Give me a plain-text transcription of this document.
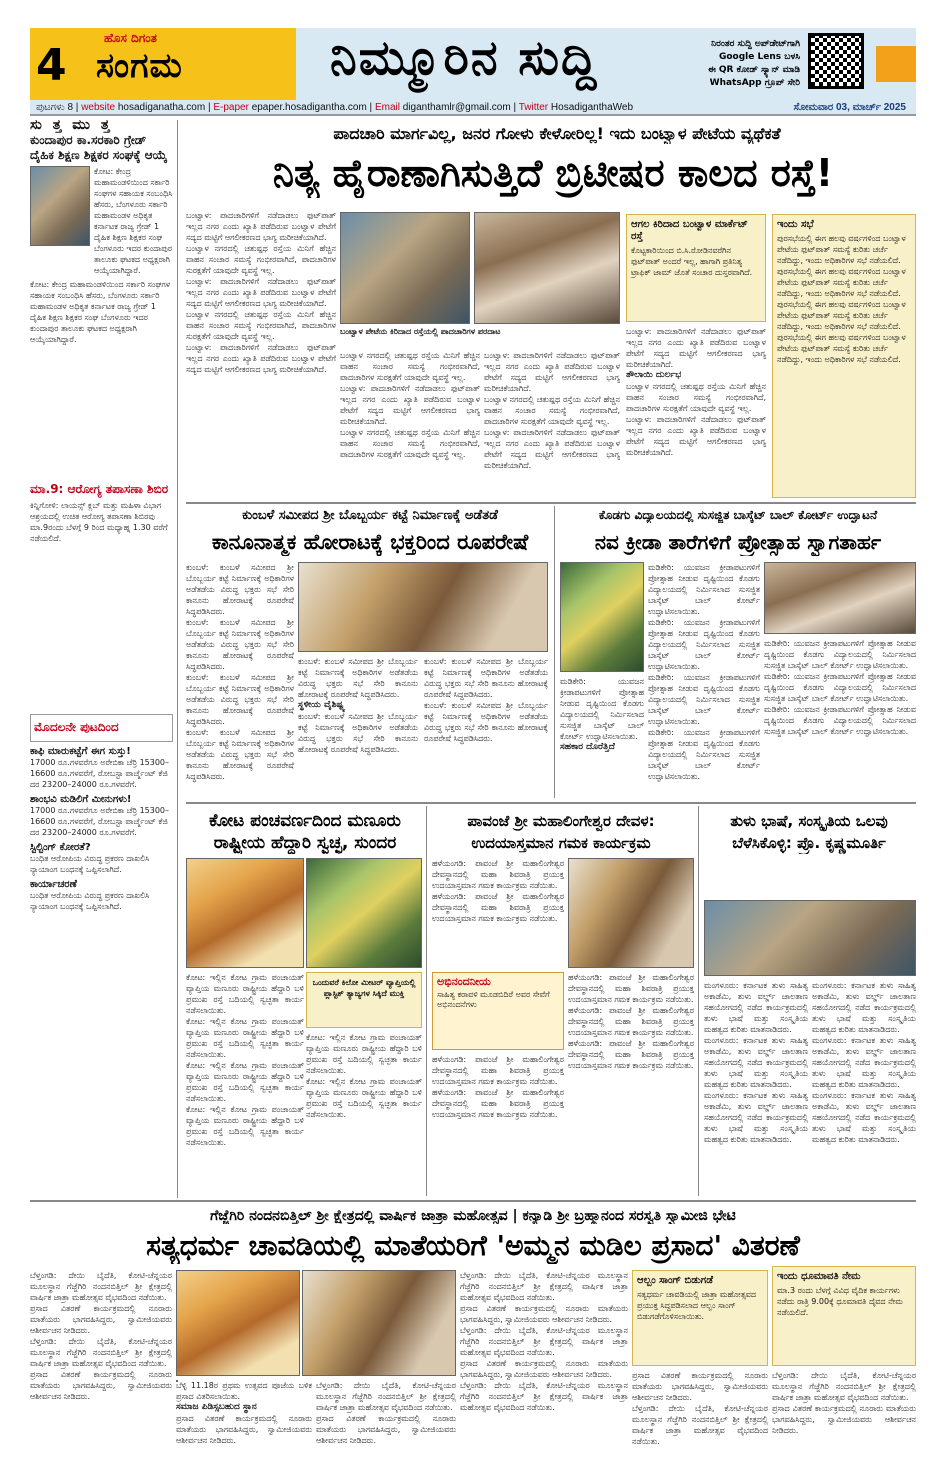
4
ಹೊಸ ದಿಗಂತ
ಸಂಗಮ	ನಿಮ್ಮೂರಿನ ಸುದ್ದಿ	ನಿರಂತರ ಸುದ್ದಿ ಅಪ್‌ಡೇಟ್‌ಗಾಗಿ
Google Lens ಬಳಸಿ
ಈ QR ಕೋಡ್ ಸ್ಕ್ಯಾನ್ ಮಾಡಿ
WhatsApp ಗ್ರೂಪ್ ಸೇರಿ
ಪುಟಗಳು 8 | website hosadiganatha.com | E-paper epaper.hosadigantha.com | Email diganthamlr@gmail.com | Twitter HosadiganthaWeb	ಸೋಮವಾರ 03, ಮಾರ್ಚ್ 2025
ಸು ತ್ತ ಮು ತ್ತ
ಕುಂದಾಪುರ ಕಾ.ಸರಕಾರಿ ಗ್ರೇಡ್ ದೈಹಿಕ ಶಿಕ್ಷಣ ಶಿಕ್ಷಕರ ಸಂಘಕ್ಕೆ ಆಯ್ಕೆ

ಕೋಟ: ಕೇಂದ್ರ ಮಹಾಮಂಡಳಿಯಿಂದ ಸರ್ಕಾರಿ ಸಂಘಗಳ ಸಹಾಯಕ ಸಂಬಂಧಿಸಿ ಹೆಸರು, ಬೆಂಗಳೂರು ಸರ್ಕಾರಿ ಮಹಾಮಂಡಳ ಅಧಿಕೃತ ಕರ್ನಾಟಕ ರಾಜ್ಯ ಗ್ರೇಡ್ 1 ದೈಹಿಕ ಶಿಕ್ಷಣ ಶಿಕ್ಷಕರ ಸಂಘ ಬೆಂಗಳೂರು ಇದರ ಕುಂದಾಪುರ ತಾಲೂಕು ಘಟಕದ ಅಧ್ಯಕ್ಷರಾಗಿ ಆಯ್ಕೆಯಾಗಿದ್ದಾರೆ.

ಕೋಟ: ಕೇಂದ್ರ ಮಹಾಮಂಡಳಿಯಿಂದ ಸರ್ಕಾರಿ ಸಂಘಗಳ ಸಹಾಯಕ ಸಂಬಂಧಿಸಿ ಹೆಸರು, ಬೆಂಗಳೂರು ಸರ್ಕಾರಿ ಮಹಾಮಂಡಳ ಅಧಿಕೃತ ಕರ್ನಾಟಕ ರಾಜ್ಯ ಗ್ರೇಡ್ 1 ದೈಹಿಕ ಶಿಕ್ಷಣ ಶಿಕ್ಷಕರ ಸಂಘ ಬೆಂಗಳೂರು ಇದರ ಕುಂದಾಪುರ ತಾಲೂಕು ಘಟಕದ ಅಧ್ಯಕ್ಷರಾಗಿ ಆಯ್ಕೆಯಾಗಿದ್ದಾರೆ.

ಮಾ.9: ಆರೋಗ್ಯ ತಪಾಸಣಾ ಶಿಬಿರ

ಕಿನ್ನಿಗೋಳಿ: ಲಾಯನ್ಸ್ ಕ್ಲಬ್ ಮತ್ತು ಮಹಿಳಾ ವಿಭಾಗ ಆಶ್ರಯದಲ್ಲಿ ಉಚಿತ ಆರೋಗ್ಯ ತಪಾಸಣಾ ಶಿಬಿರವು ಮಾ.9ರಂದು ಬೆಳಗ್ಗೆ 9 ರಿಂದ ಮಧ್ಯಾಹ್ನ 1.30 ವರೆಗೆ ನಡೆಯಲಿದೆ.

ಮೊದಲನೇ ಪುಟದಿಂದ
ಕಾಫಿ ಮಾರುಕಟ್ಟೆಗೆ ಈಗ ಸುಸ್ತು!

17000 ರೂ.ಗಳವರೆಗೂ ಅರೇಬಿಕಾ ಚೆರ್ರಿ 15300–16600 ರೂ.ಗಳವರೆಗೆ, ರೋಬಸ್ಟಾ ಪಾರ್ಚ್ಮೆಂಟ್ ಕೆಜಿ ದರ 23200–24000 ರೂ.ಗಳವರೆಗೆ.

ಶಾಂಭವಿ ಮಡಿಲಿಗೆ ಮೀನುಗಳು!

17000 ರೂ.ಗಳವರೆಗೂ ಅರೇಬಿಕಾ ಚೆರ್ರಿ 15300–16600 ರೂ.ಗಳವರೆಗೆ, ರೋಬಸ್ಟಾ ಪಾರ್ಚ್ಮೆಂಟ್ ಕೆಜಿ ದರ 23200–24000 ರೂ.ಗಳವರೆಗೆ.

ಸ್ಟಿಲ್ಟಿಂಗ್ ಕೋರತೆ?

ಬಂಧಿತ ಆರೋಪಿಯ ವಿರುದ್ಧ ಪ್ರಕರಣ ದಾಖಲಿಸಿ ನ್ಯಾಯಾಂಗ ಬಂಧನಕ್ಕೆ ಒಪ್ಪಿಸಲಾಗಿದೆ.

ಕಾರ್ಯಾಚರಣೆ

ಬಂಧಿತ ಆರೋಪಿಯ ವಿರುದ್ಧ ಪ್ರಕರಣ ದಾಖಲಿಸಿ ನ್ಯಾಯಾಂಗ ಬಂಧನಕ್ಕೆ ಒಪ್ಪಿಸಲಾಗಿದೆ.

ಪಾದಚಾರಿ ಮಾರ್ಗವಿಲ್ಲ, ಜನರ ಗೋಳು ಕೇಳೋರಿಲ್ಲ! ಇದು ಬಂಟ್ವಾಳ ಪೇಟೆಯ ವ್ಯಥೆಕತೆ
ನಿತ್ಯ ಹೈರಾಣಾಗಿಸುತ್ತಿದೆ ಬ್ರಿಟೀಷರ ಕಾಲದ ರಸ್ತೆ!

ಬಂಟ್ವಾಳ: ಪಾದಚಾರಿಗಳಿಗೆ ನಡೆದಾಡಲು ಫುಟ್‌ಪಾತ್ ಇಲ್ಲದ ನಗರ ಎಂದು ಖ್ಯಾತಿ ಪಡೆದಿರುವ ಬಂಟ್ವಾಳ ಪೇಟೆಗೆ ಸದ್ಯದ ಮಟ್ಟಿಗೆ ಆಗಲೀಕರಣದ ಭಾಗ್ಯ ಮರೀಚಿಕೆಯಾಗಿದೆ.

ಬಂಟ್ವಾಳ ನಗರದಲ್ಲಿ ಚತುಷ್ಪಥ ರಸ್ತೆಯ ಮಿನಿಗೆ ಹೆಚ್ಚಿನ ವಾಹನ ಸಂಚಾರ ಸಮಸ್ಯೆ ಗಂಭೀರವಾಗಿದೆ, ಪಾದಚಾರಿಗಳ ಸುರಕ್ಷತೆಗೆ ಯಾವುದೇ ವ್ಯವಸ್ಥೆ ಇಲ್ಲ.

ಬಂಟ್ವಾಳ: ಪಾದಚಾರಿಗಳಿಗೆ ನಡೆದಾಡಲು ಫುಟ್‌ಪಾತ್ ಇಲ್ಲದ ನಗರ ಎಂದು ಖ್ಯಾತಿ ಪಡೆದಿರುವ ಬಂಟ್ವಾಳ ಪೇಟೆಗೆ ಸದ್ಯದ ಮಟ್ಟಿಗೆ ಆಗಲೀಕರಣದ ಭಾಗ್ಯ ಮರೀಚಿಕೆಯಾಗಿದೆ.

ಬಂಟ್ವಾಳ ನಗರದಲ್ಲಿ ಚತುಷ್ಪಥ ರಸ್ತೆಯ ಮಿನಿಗೆ ಹೆಚ್ಚಿನ ವಾಹನ ಸಂಚಾರ ಸಮಸ್ಯೆ ಗಂಭೀರವಾಗಿದೆ, ಪಾದಚಾರಿಗಳ ಸುರಕ್ಷತೆಗೆ ಯಾವುದೇ ವ್ಯವಸ್ಥೆ ಇಲ್ಲ.

ಬಂಟ್ವಾಳ: ಪಾದಚಾರಿಗಳಿಗೆ ನಡೆದಾಡಲು ಫುಟ್‌ಪಾತ್ ಇಲ್ಲದ ನಗರ ಎಂದು ಖ್ಯಾತಿ ಪಡೆದಿರುವ ಬಂಟ್ವಾಳ ಪೇಟೆಗೆ ಸದ್ಯದ ಮಟ್ಟಿಗೆ ಆಗಲೀಕರಣದ ಭಾಗ್ಯ ಮರೀಚಿಕೆಯಾಗಿದೆ.

ಬಂಟ್ವಾಳ ಪೇಟೆಯ ಕಿರಿದಾದ ರಸ್ತೆಯಲ್ಲಿ ಪಾದಚಾರಿಗಳ ಪರದಾಟ

ಬಂಟ್ವಾಳ ನಗರದಲ್ಲಿ ಚತುಷ್ಪಥ ರಸ್ತೆಯ ಮಿನಿಗೆ ಹೆಚ್ಚಿನ ವಾಹನ ಸಂಚಾರ ಸಮಸ್ಯೆ ಗಂಭೀರವಾಗಿದೆ, ಪಾದಚಾರಿಗಳ ಸುರಕ್ಷತೆಗೆ ಯಾವುದೇ ವ್ಯವಸ್ಥೆ ಇಲ್ಲ.

ಬಂಟ್ವಾಳ: ಪಾದಚಾರಿಗಳಿಗೆ ನಡೆದಾಡಲು ಫುಟ್‌ಪಾತ್ ಇಲ್ಲದ ನಗರ ಎಂದು ಖ್ಯಾತಿ ಪಡೆದಿರುವ ಬಂಟ್ವಾಳ ಪೇಟೆಗೆ ಸದ್ಯದ ಮಟ್ಟಿಗೆ ಆಗಲೀಕರಣದ ಭಾಗ್ಯ ಮರೀಚಿಕೆಯಾಗಿದೆ.

ಬಂಟ್ವಾಳ ನಗರದಲ್ಲಿ ಚತುಷ್ಪಥ ರಸ್ತೆಯ ಮಿನಿಗೆ ಹೆಚ್ಚಿನ ವಾಹನ ಸಂಚಾರ ಸಮಸ್ಯೆ ಗಂಭೀರವಾಗಿದೆ, ಪಾದಚಾರಿಗಳ ಸುರಕ್ಷತೆಗೆ ಯಾವುದೇ ವ್ಯವಸ್ಥೆ ಇಲ್ಲ.

ಬಂಟ್ವಾಳ: ಪಾದಚಾರಿಗಳಿಗೆ ನಡೆದಾಡಲು ಫುಟ್‌ಪಾತ್ ಇಲ್ಲದ ನಗರ ಎಂದು ಖ್ಯಾತಿ ಪಡೆದಿರುವ ಬಂಟ್ವಾಳ ಪೇಟೆಗೆ ಸದ್ಯದ ಮಟ್ಟಿಗೆ ಆಗಲೀಕರಣದ ಭಾಗ್ಯ ಮರೀಚಿಕೆಯಾಗಿದೆ.

ಬಂಟ್ವಾಳ ನಗರದಲ್ಲಿ ಚತುಷ್ಪಥ ರಸ್ತೆಯ ಮಿನಿಗೆ ಹೆಚ್ಚಿನ ವಾಹನ ಸಂಚಾರ ಸಮಸ್ಯೆ ಗಂಭೀರವಾಗಿದೆ, ಪಾದಚಾರಿಗಳ ಸುರಕ್ಷತೆಗೆ ಯಾವುದೇ ವ್ಯವಸ್ಥೆ ಇಲ್ಲ.

ಬಂಟ್ವಾಳ: ಪಾದಚಾರಿಗಳಿಗೆ ನಡೆದಾಡಲು ಫುಟ್‌ಪಾತ್ ಇಲ್ಲದ ನಗರ ಎಂದು ಖ್ಯಾತಿ ಪಡೆದಿರುವ ಬಂಟ್ವಾಳ ಪೇಟೆಗೆ ಸದ್ಯದ ಮಟ್ಟಿಗೆ ಆಗಲೀಕರಣದ ಭಾಗ್ಯ ಮರೀಚಿಕೆಯಾಗಿದೆ.

ಆಗಲ ಕಿರಿದಾದ ಬಂಟ್ವಾಳ ಮಾರ್ಕೆಟ್ ರಸ್ತೆ

ಕೊಟ್ಟಕಾರಿಯಿಂದ ಬಿ.ಸಿ.ರೋಡಿನವರೆಗಿನ ಫುಟ್‌ಪಾತ್ ಅಂದರೆ ಇಲ್ಲ, ಹಾಗಾಗಿ ಪ್ರತಿನಿತ್ಯ ಟ್ರಾಫಿಕ್ ಜಾಮ್ ಜೊತೆ ಸಂಚಾರ ದುಸ್ತರವಾಗಿದೆ.

ಬಂಟ್ವಾಳ: ಪಾದಚಾರಿಗಳಿಗೆ ನಡೆದಾಡಲು ಫುಟ್‌ಪಾತ್ ಇಲ್ಲದ ನಗರ ಎಂದು ಖ್ಯಾತಿ ಪಡೆದಿರುವ ಬಂಟ್ವಾಳ ಪೇಟೆಗೆ ಸದ್ಯದ ಮಟ್ಟಿಗೆ ಆಗಲೀಕರಣದ ಭಾಗ್ಯ ಮರೀಚಿಕೆಯಾಗಿದೆ.

ತೌಲಾಯಿ ದುರ್ಲಭ

ಬಂಟ್ವಾಳ ನಗರದಲ್ಲಿ ಚತುಷ್ಪಥ ರಸ್ತೆಯ ಮಿನಿಗೆ ಹೆಚ್ಚಿನ ವಾಹನ ಸಂಚಾರ ಸಮಸ್ಯೆ ಗಂಭೀರವಾಗಿದೆ, ಪಾದಚಾರಿಗಳ ಸುರಕ್ಷತೆಗೆ ಯಾವುದೇ ವ್ಯವಸ್ಥೆ ಇಲ್ಲ.

ಬಂಟ್ವಾಳ: ಪಾದಚಾರಿಗಳಿಗೆ ನಡೆದಾಡಲು ಫುಟ್‌ಪಾತ್ ಇಲ್ಲದ ನಗರ ಎಂದು ಖ್ಯಾತಿ ಪಡೆದಿರುವ ಬಂಟ್ವಾಳ ಪೇಟೆಗೆ ಸದ್ಯದ ಮಟ್ಟಿಗೆ ಆಗಲೀಕರಣದ ಭಾಗ್ಯ ಮರೀಚಿಕೆಯಾಗಿದೆ.

ಇಂದು ಸಭೆ

ಪುರಸಭೆಯಲ್ಲಿ ಈಗ ಹಲವು ವರ್ಷಗಳಿಂದ ಬಂಟ್ವಾಳ ಪೇಟೆಯ ಫುಟ್‌ಪಾತ್ ಸಮಸ್ಯೆ ಕುರಿತು ಚರ್ಚೆ ನಡೆದಿದ್ದು, ಇಂದು ಅಧಿಕಾರಿಗಳ ಸಭೆ ನಡೆಯಲಿದೆ.

ಪುರಸಭೆಯಲ್ಲಿ ಈಗ ಹಲವು ವರ್ಷಗಳಿಂದ ಬಂಟ್ವಾಳ ಪೇಟೆಯ ಫುಟ್‌ಪಾತ್ ಸಮಸ್ಯೆ ಕುರಿತು ಚರ್ಚೆ ನಡೆದಿದ್ದು, ಇಂದು ಅಧಿಕಾರಿಗಳ ಸಭೆ ನಡೆಯಲಿದೆ.

ಪುರಸಭೆಯಲ್ಲಿ ಈಗ ಹಲವು ವರ್ಷಗಳಿಂದ ಬಂಟ್ವಾಳ ಪೇಟೆಯ ಫುಟ್‌ಪಾತ್ ಸಮಸ್ಯೆ ಕುರಿತು ಚರ್ಚೆ ನಡೆದಿದ್ದು, ಇಂದು ಅಧಿಕಾರಿಗಳ ಸಭೆ ನಡೆಯಲಿದೆ.

ಪುರಸಭೆಯಲ್ಲಿ ಈಗ ಹಲವು ವರ್ಷಗಳಿಂದ ಬಂಟ್ವಾಳ ಪೇಟೆಯ ಫುಟ್‌ಪಾತ್ ಸಮಸ್ಯೆ ಕುರಿತು ಚರ್ಚೆ ನಡೆದಿದ್ದು, ಇಂದು ಅಧಿಕಾರಿಗಳ ಸಭೆ ನಡೆಯಲಿದೆ.

ಕುಂಬಳೆ ಸಮೀಪದ ಶ್ರೀ ಬೊಬ್ಬರ್ಯ ಕಟ್ಟೆ ನಿರ್ಮಾಣಕ್ಕೆ ಅಡೆತಡೆ
ಕಾನೂನಾತ್ಮಕ ಹೋರಾಟಕ್ಕೆ ಭಕ್ತರಿಂದ ರೂಪರೇಷೆ

ಕುಂಬಳೆ: ಕುಂಬಳೆ ಸಮೀಪದ ಶ್ರೀ ಬೊಬ್ಬರ್ಯ ಕಟ್ಟೆ ನಿರ್ಮಾಣಕ್ಕೆ ಅಧಿಕಾರಿಗಳ ಅಡೆತಡೆಯ ವಿರುದ್ಧ ಭಕ್ತರು ಸಭೆ ಸೇರಿ ಕಾನೂನು ಹೋರಾಟಕ್ಕೆ ರೂಪರೇಷೆ ಸಿದ್ಧಪಡಿಸಿದರು.

ಕುಂಬಳೆ: ಕುಂಬಳೆ ಸಮೀಪದ ಶ್ರೀ ಬೊಬ್ಬರ್ಯ ಕಟ್ಟೆ ನಿರ್ಮಾಣಕ್ಕೆ ಅಧಿಕಾರಿಗಳ ಅಡೆತಡೆಯ ವಿರುದ್ಧ ಭಕ್ತರು ಸಭೆ ಸೇರಿ ಕಾನೂನು ಹೋರಾಟಕ್ಕೆ ರೂಪರೇಷೆ ಸಿದ್ಧಪಡಿಸಿದರು.

ಕುಂಬಳೆ: ಕುಂಬಳೆ ಸಮೀಪದ ಶ್ರೀ ಬೊಬ್ಬರ್ಯ ಕಟ್ಟೆ ನಿರ್ಮಾಣಕ್ಕೆ ಅಧಿಕಾರಿಗಳ ಅಡೆತಡೆಯ ವಿರುದ್ಧ ಭಕ್ತರು ಸಭೆ ಸೇರಿ ಕಾನೂನು ಹೋರಾಟಕ್ಕೆ ರೂಪರೇಷೆ ಸಿದ್ಧಪಡಿಸಿದರು.

ಕುಂಬಳೆ: ಕುಂಬಳೆ ಸಮೀಪದ ಶ್ರೀ ಬೊಬ್ಬರ್ಯ ಕಟ್ಟೆ ನಿರ್ಮಾಣಕ್ಕೆ ಅಧಿಕಾರಿಗಳ ಅಡೆತಡೆಯ ವಿರುದ್ಧ ಭಕ್ತರು ಸಭೆ ಸೇರಿ ಕಾನೂನು ಹೋರಾಟಕ್ಕೆ ರೂಪರೇಷೆ ಸಿದ್ಧಪಡಿಸಿದರು.

ಕುಂಬಳೆ: ಕುಂಬಳೆ ಸಮೀಪದ ಶ್ರೀ ಬೊಬ್ಬರ್ಯ ಕಟ್ಟೆ ನಿರ್ಮಾಣಕ್ಕೆ ಅಧಿಕಾರಿಗಳ ಅಡೆತಡೆಯ ವಿರುದ್ಧ ಭಕ್ತರು ಸಭೆ ಸೇರಿ ಕಾನೂನು ಹೋರಾಟಕ್ಕೆ ರೂಪರೇಷೆ ಸಿದ್ಧಪಡಿಸಿದರು.

ಸ್ಥಳೀಯ ವೈಶಿಷ್ಟ್ಯ

ಕುಂಬಳೆ: ಕುಂಬಳೆ ಸಮೀಪದ ಶ್ರೀ ಬೊಬ್ಬರ್ಯ ಕಟ್ಟೆ ನಿರ್ಮಾಣಕ್ಕೆ ಅಧಿಕಾರಿಗಳ ಅಡೆತಡೆಯ ವಿರುದ್ಧ ಭಕ್ತರು ಸಭೆ ಸೇರಿ ಕಾನೂನು ಹೋರಾಟಕ್ಕೆ ರೂಪರೇಷೆ ಸಿದ್ಧಪಡಿಸಿದರು.

ಕುಂಬಳೆ: ಕುಂಬಳೆ ಸಮೀಪದ ಶ್ರೀ ಬೊಬ್ಬರ್ಯ ಕಟ್ಟೆ ನಿರ್ಮಾಣಕ್ಕೆ ಅಧಿಕಾರಿಗಳ ಅಡೆತಡೆಯ ವಿರುದ್ಧ ಭಕ್ತರು ಸಭೆ ಸೇರಿ ಕಾನೂನು ಹೋರಾಟಕ್ಕೆ ರೂಪರೇಷೆ ಸಿದ್ಧಪಡಿಸಿದರು.

ಕುಂಬಳೆ: ಕುಂಬಳೆ ಸಮೀಪದ ಶ್ರೀ ಬೊಬ್ಬರ್ಯ ಕಟ್ಟೆ ನಿರ್ಮಾಣಕ್ಕೆ ಅಧಿಕಾರಿಗಳ ಅಡೆತಡೆಯ ವಿರುದ್ಧ ಭಕ್ತರು ಸಭೆ ಸೇರಿ ಕಾನೂನು ಹೋರಾಟಕ್ಕೆ ರೂಪರೇಷೆ ಸಿದ್ಧಪಡಿಸಿದರು.

ಕೊಡಗು ವಿದ್ಯಾಲಯದಲ್ಲಿ ಸುಸಜ್ಜಿತ ಬಾಸ್ಕೆಟ್ ಬಾಲ್ ಕೋರ್ಟ್ ಉದ್ಘಾಟನೆ
ನವ ಕ್ರೀಡಾ ತಾರೆಗಳಿಗೆ ಪ್ರೋತ್ಸಾಹ ಸ್ವಾಗತಾರ್ಹ

ಮಡಿಕೇರಿ: ಯುವಜನ ಕ್ರೀಡಾಪಟುಗಳಿಗೆ ಪ್ರೋತ್ಸಾಹ ನೀಡುವ ದೃಷ್ಟಿಯಿಂದ ಕೊಡಗು ವಿದ್ಯಾಲಯದಲ್ಲಿ ನಿರ್ಮಿಸಲಾದ ಸುಸಜ್ಜಿತ ಬಾಸ್ಕೆಟ್ ಬಾಲ್ ಕೋರ್ಟ್ ಉದ್ಘಾಟಿಸಲಾಯಿತು.

ಸಹಕಾರ ದೊರೆತ್ತಿದೆ

ಮಡಿಕೇರಿ: ಯುವಜನ ಕ್ರೀಡಾಪಟುಗಳಿಗೆ ಪ್ರೋತ್ಸಾಹ ನೀಡುವ ದೃಷ್ಟಿಯಿಂದ ಕೊಡಗು ವಿದ್ಯಾಲಯದಲ್ಲಿ ನಿರ್ಮಿಸಲಾದ ಸುಸಜ್ಜಿತ ಬಾಸ್ಕೆಟ್ ಬಾಲ್ ಕೋರ್ಟ್ ಉದ್ಘಾಟಿಸಲಾಯಿತು.

ಮಡಿಕೇರಿ: ಯುವಜನ ಕ್ರೀಡಾಪಟುಗಳಿಗೆ ಪ್ರೋತ್ಸಾಹ ನೀಡುವ ದೃಷ್ಟಿಯಿಂದ ಕೊಡಗು ವಿದ್ಯಾಲಯದಲ್ಲಿ ನಿರ್ಮಿಸಲಾದ ಸುಸಜ್ಜಿತ ಬಾಸ್ಕೆಟ್ ಬಾಲ್ ಕೋರ್ಟ್ ಉದ್ಘಾಟಿಸಲಾಯಿತು.

ಮಡಿಕೇರಿ: ಯುವಜನ ಕ್ರೀಡಾಪಟುಗಳಿಗೆ ಪ್ರೋತ್ಸಾಹ ನೀಡುವ ದೃಷ್ಟಿಯಿಂದ ಕೊಡಗು ವಿದ್ಯಾಲಯದಲ್ಲಿ ನಿರ್ಮಿಸಲಾದ ಸುಸಜ್ಜಿತ ಬಾಸ್ಕೆಟ್ ಬಾಲ್ ಕೋರ್ಟ್ ಉದ್ಘಾಟಿಸಲಾಯಿತು.

ಮಡಿಕೇರಿ: ಯುವಜನ ಕ್ರೀಡಾಪಟುಗಳಿಗೆ ಪ್ರೋತ್ಸಾಹ ನೀಡುವ ದೃಷ್ಟಿಯಿಂದ ಕೊಡಗು ವಿದ್ಯಾಲಯದಲ್ಲಿ ನಿರ್ಮಿಸಲಾದ ಸುಸಜ್ಜಿತ ಬಾಸ್ಕೆಟ್ ಬಾಲ್ ಕೋರ್ಟ್ ಉದ್ಘಾಟಿಸಲಾಯಿತು.

ಮಡಿಕೇರಿ: ಯುವಜನ ಕ್ರೀಡಾಪಟುಗಳಿಗೆ ಪ್ರೋತ್ಸಾಹ ನೀಡುವ ದೃಷ್ಟಿಯಿಂದ ಕೊಡಗು ವಿದ್ಯಾಲಯದಲ್ಲಿ ನಿರ್ಮಿಸಲಾದ ಸುಸಜ್ಜಿತ ಬಾಸ್ಕೆಟ್ ಬಾಲ್ ಕೋರ್ಟ್ ಉದ್ಘಾಟಿಸಲಾಯಿತು.

ಮಡಿಕೇರಿ: ಯುವಜನ ಕ್ರೀಡಾಪಟುಗಳಿಗೆ ಪ್ರೋತ್ಸಾಹ ನೀಡುವ ದೃಷ್ಟಿಯಿಂದ ಕೊಡಗು ವಿದ್ಯಾಲಯದಲ್ಲಿ ನಿರ್ಮಿಸಲಾದ ಸುಸಜ್ಜಿತ ಬಾಸ್ಕೆಟ್ ಬಾಲ್ ಕೋರ್ಟ್ ಉದ್ಘಾಟಿಸಲಾಯಿತು.

ಮಡಿಕೇರಿ: ಯುವಜನ ಕ್ರೀಡಾಪಟುಗಳಿಗೆ ಪ್ರೋತ್ಸಾಹ ನೀಡುವ ದೃಷ್ಟಿಯಿಂದ ಕೊಡಗು ವಿದ್ಯಾಲಯದಲ್ಲಿ ನಿರ್ಮಿಸಲಾದ ಸುಸಜ್ಜಿತ ಬಾಸ್ಕೆಟ್ ಬಾಲ್ ಕೋರ್ಟ್ ಉದ್ಘಾಟಿಸಲಾಯಿತು.

ಕೋಟ ಪಂಚವರ್ಣದಿಂದ ಮಣೂರು
ರಾಷ್ಟ್ರೀಯ ಹೆದ್ದಾರಿ ಸ್ವಚ್ಛ, ಸುಂದರ

ಕೋಟ: ಇಲ್ಲಿನ ಕೋಟ ಗ್ರಾಮ ಪಂಚಾಯತ್ ವ್ಯಾಪ್ತಿಯ ಮಣೂರು ರಾಷ್ಟ್ರೀಯ ಹೆದ್ದಾರಿ ಬಳಿ ಪ್ರಮುಖ ರಸ್ತೆ ಬದಿಯಲ್ಲಿ ಸ್ವಚ್ಛತಾ ಕಾರ್ಯ ನಡೆಸಲಾಯಿತು.

ಕೋಟ: ಇಲ್ಲಿನ ಕೋಟ ಗ್ರಾಮ ಪಂಚಾಯತ್ ವ್ಯಾಪ್ತಿಯ ಮಣೂರು ರಾಷ್ಟ್ರೀಯ ಹೆದ್ದಾರಿ ಬಳಿ ಪ್ರಮುಖ ರಸ್ತೆ ಬದಿಯಲ್ಲಿ ಸ್ವಚ್ಛತಾ ಕಾರ್ಯ ನಡೆಸಲಾಯಿತು.

ಕೋಟ: ಇಲ್ಲಿನ ಕೋಟ ಗ್ರಾಮ ಪಂಚಾಯತ್ ವ್ಯಾಪ್ತಿಯ ಮಣೂರು ರಾಷ್ಟ್ರೀಯ ಹೆದ್ದಾರಿ ಬಳಿ ಪ್ರಮುಖ ರಸ್ತೆ ಬದಿಯಲ್ಲಿ ಸ್ವಚ್ಛತಾ ಕಾರ್ಯ ನಡೆಸಲಾಯಿತು.

ಕೋಟ: ಇಲ್ಲಿನ ಕೋಟ ಗ್ರಾಮ ಪಂಚಾಯತ್ ವ್ಯಾಪ್ತಿಯ ಮಣೂರು ರಾಷ್ಟ್ರೀಯ ಹೆದ್ದಾರಿ ಬಳಿ ಪ್ರಮುಖ ರಸ್ತೆ ಬದಿಯಲ್ಲಿ ಸ್ವಚ್ಛತಾ ಕಾರ್ಯ ನಡೆಸಲಾಯಿತು.

ಒಂದುವರೆ ಕಿಲೋ ಮೀಟರ್ ವ್ಯಾಪ್ತಿಯಲ್ಲಿ ಪ್ಲಾಸ್ಟಿಕ್ ತ್ಯಾಜ್ಯಗಳ ಸಿಕ್ಕಿದೆ ಮುಕ್ತಿ

ಕೋಟ: ಇಲ್ಲಿನ ಕೋಟ ಗ್ರಾಮ ಪಂಚಾಯತ್ ವ್ಯಾಪ್ತಿಯ ಮಣೂರು ರಾಷ್ಟ್ರೀಯ ಹೆದ್ದಾರಿ ಬಳಿ ಪ್ರಮುಖ ರಸ್ತೆ ಬದಿಯಲ್ಲಿ ಸ್ವಚ್ಛತಾ ಕಾರ್ಯ ನಡೆಸಲಾಯಿತು.

ಕೋಟ: ಇಲ್ಲಿನ ಕೋಟ ಗ್ರಾಮ ಪಂಚಾಯತ್ ವ್ಯಾಪ್ತಿಯ ಮಣೂರು ರಾಷ್ಟ್ರೀಯ ಹೆದ್ದಾರಿ ಬಳಿ ಪ್ರಮುಖ ರಸ್ತೆ ಬದಿಯಲ್ಲಿ ಸ್ವಚ್ಛತಾ ಕಾರ್ಯ ನಡೆಸಲಾಯಿತು.

ಪಾವಂಜೆ ಶ್ರೀ ಮಹಾಲಿಂಗೇಶ್ವರ ದೇವಳ:
ಉದಯಾಸ್ತಮಾನ ಗಮಕ ಕಾರ್ಯಕ್ರಮ

ಹಳೆಯಂಗಡಿ: ಪಾವಂಜೆ ಶ್ರೀ ಮಹಾಲಿಂಗೇಶ್ವರ ದೇವಸ್ಥಾನದಲ್ಲಿ ಮಹಾ ಶಿವರಾತ್ರಿ ಪ್ರಯುಕ್ತ ಉದಯಾಸ್ತಮಾನ ಗಮಕ ಕಾರ್ಯಕ್ರಮ ನಡೆಯಿತು.

ಹಳೆಯಂಗಡಿ: ಪಾವಂಜೆ ಶ್ರೀ ಮಹಾಲಿಂಗೇಶ್ವರ ದೇವಸ್ಥಾನದಲ್ಲಿ ಮಹಾ ಶಿವರಾತ್ರಿ ಪ್ರಯುಕ್ತ ಉದಯಾಸ್ತಮಾನ ಗಮಕ ಕಾರ್ಯಕ್ರಮ ನಡೆಯಿತು.

ಅಭಿನಂದನೀಯ

ಸಾಹಿತ್ಯ ಕರಾವಳಿ ಮೂಡಬಿದಿರೆ ಅವರ ಸೇವೆಗೆ ಅಭಿನಂದನೆಗಳು

ಹಳೆಯಂಗಡಿ: ಪಾವಂಜೆ ಶ್ರೀ ಮಹಾಲಿಂಗೇಶ್ವರ ದೇವಸ್ಥಾನದಲ್ಲಿ ಮಹಾ ಶಿವರಾತ್ರಿ ಪ್ರಯುಕ್ತ ಉದಯಾಸ್ತಮಾನ ಗಮಕ ಕಾರ್ಯಕ್ರಮ ನಡೆಯಿತು.

ಹಳೆಯಂಗಡಿ: ಪಾವಂಜೆ ಶ್ರೀ ಮಹಾಲಿಂಗೇಶ್ವರ ದೇವಸ್ಥಾನದಲ್ಲಿ ಮಹಾ ಶಿವರಾತ್ರಿ ಪ್ರಯುಕ್ತ ಉದಯಾಸ್ತಮಾನ ಗಮಕ ಕಾರ್ಯಕ್ರಮ ನಡೆಯಿತು.

ಹಳೆಯಂಗಡಿ: ಪಾವಂಜೆ ಶ್ರೀ ಮಹಾಲಿಂಗೇಶ್ವರ ದೇವಸ್ಥಾನದಲ್ಲಿ ಮಹಾ ಶಿವರಾತ್ರಿ ಪ್ರಯುಕ್ತ ಉದಯಾಸ್ತಮಾನ ಗಮಕ ಕಾರ್ಯಕ್ರಮ ನಡೆಯಿತು.

ಹಳೆಯಂಗಡಿ: ಪಾವಂಜೆ ಶ್ರೀ ಮಹಾಲಿಂಗೇಶ್ವರ ದೇವಸ್ಥಾನದಲ್ಲಿ ಮಹಾ ಶಿವರಾತ್ರಿ ಪ್ರಯುಕ್ತ ಉದಯಾಸ್ತಮಾನ ಗಮಕ ಕಾರ್ಯಕ್ರಮ ನಡೆಯಿತು.

ಹಳೆಯಂಗಡಿ: ಪಾವಂಜೆ ಶ್ರೀ ಮಹಾಲಿಂಗೇಶ್ವರ ದೇವಸ್ಥಾನದಲ್ಲಿ ಮಹಾ ಶಿವರಾತ್ರಿ ಪ್ರಯುಕ್ತ ಉದಯಾಸ್ತಮಾನ ಗಮಕ ಕಾರ್ಯಕ್ರಮ ನಡೆಯಿತು.

ತುಳು ಭಾಷೆ, ಸಂಸ್ಕೃತಿಯ ಒಲವು
ಬೆಳೆಸಿಕೊಳ್ಳಿ: ಪ್ರೊ. ಕೃಷ್ಣಮೂರ್ತಿ

ಮಂಗಳೂರು: ಕರ್ನಾಟಕ ತುಳು ಸಾಹಿತ್ಯ ಅಕಾಡೆಮಿ, ತುಳು ವರ್ಲ್ಡ್ ಜಾಲತಾಣ ಸಹಯೋಗದಲ್ಲಿ ನಡೆದ ಕಾರ್ಯಕ್ರಮದಲ್ಲಿ ತುಳು ಭಾಷೆ ಮತ್ತು ಸಂಸ್ಕೃತಿಯ ಮಹತ್ವದ ಕುರಿತು ಮಾತನಾಡಿದರು.

ಮಂಗಳೂರು: ಕರ್ನಾಟಕ ತುಳು ಸಾಹಿತ್ಯ ಅಕಾಡೆಮಿ, ತುಳು ವರ್ಲ್ಡ್ ಜಾಲತಾಣ ಸಹಯೋಗದಲ್ಲಿ ನಡೆದ ಕಾರ್ಯಕ್ರಮದಲ್ಲಿ ತುಳು ಭಾಷೆ ಮತ್ತು ಸಂಸ್ಕೃತಿಯ ಮಹತ್ವದ ಕುರಿತು ಮಾತನಾಡಿದರು.

ಮಂಗಳೂರು: ಕರ್ನಾಟಕ ತುಳು ಸಾಹಿತ್ಯ ಅಕಾಡೆಮಿ, ತುಳು ವರ್ಲ್ಡ್ ಜಾಲತಾಣ ಸಹಯೋಗದಲ್ಲಿ ನಡೆದ ಕಾರ್ಯಕ್ರಮದಲ್ಲಿ ತುಳು ಭಾಷೆ ಮತ್ತು ಸಂಸ್ಕೃತಿಯ ಮಹತ್ವದ ಕುರಿತು ಮಾತನಾಡಿದರು.

ಮಂಗಳೂರು: ಕರ್ನಾಟಕ ತುಳು ಸಾಹಿತ್ಯ ಅಕಾಡೆಮಿ, ತುಳು ವರ್ಲ್ಡ್ ಜಾಲತಾಣ ಸಹಯೋಗದಲ್ಲಿ ನಡೆದ ಕಾರ್ಯಕ್ರಮದಲ್ಲಿ ತುಳು ಭಾಷೆ ಮತ್ತು ಸಂಸ್ಕೃತಿಯ ಮಹತ್ವದ ಕುರಿತು ಮಾತನಾಡಿದರು.

ಮಂಗಳೂರು: ಕರ್ನಾಟಕ ತುಳು ಸಾಹಿತ್ಯ ಅಕಾಡೆಮಿ, ತುಳು ವರ್ಲ್ಡ್ ಜಾಲತಾಣ ಸಹಯೋಗದಲ್ಲಿ ನಡೆದ ಕಾರ್ಯಕ್ರಮದಲ್ಲಿ ತುಳು ಭಾಷೆ ಮತ್ತು ಸಂಸ್ಕೃತಿಯ ಮಹತ್ವದ ಕುರಿತು ಮಾತನಾಡಿದರು.

ಮಂಗಳೂರು: ಕರ್ನಾಟಕ ತುಳು ಸಾಹಿತ್ಯ ಅಕಾಡೆಮಿ, ತುಳು ವರ್ಲ್ಡ್ ಜಾಲತಾಣ ಸಹಯೋಗದಲ್ಲಿ ನಡೆದ ಕಾರ್ಯಕ್ರಮದಲ್ಲಿ ತುಳು ಭಾಷೆ ಮತ್ತು ಸಂಸ್ಕೃತಿಯ ಮಹತ್ವದ ಕುರಿತು ಮಾತನಾಡಿದರು.

ಗೆಜ್ಜೆಗಿರಿ ನಂದನಬಿತ್ತಿಲ್ ಶ್ರೀ ಕ್ಷೇತ್ರದಲ್ಲಿ ವಾರ್ಷಿಕ ಜಾತ್ರಾ ಮಹೋತ್ಸವ | ಕನ್ಯಾಡಿ ಶ್ರೀ ಬ್ರಹ್ಮಾನಂದ ಸರಸ್ವತಿ ಸ್ವಾಮೀಜಿ ಭೇಟಿ
ಸತ್ಯಧರ್ಮ ಚಾವಡಿಯಲ್ಲಿ ಮಾತೆಯರಿಗೆ 'ಅಮ್ಮನ ಮಡಿಲ ಪ್ರಸಾದ' ವಿತರಣೆ

ಬೆಳ್ತಂಗಡಿ: ದೇಯಿ ಬೈದೆತಿ, ಕೋಟಿ-ಚೆನ್ನಯರ ಮೂಲಸ್ಥಾನ ಗೆಜ್ಜೆಗಿರಿ ನಂದನಬಿತ್ತಿಲ್ ಶ್ರೀ ಕ್ಷೇತ್ರದಲ್ಲಿ ವಾರ್ಷಿಕ ಜಾತ್ರಾ ಮಹೋತ್ಸವ ವೈಭವದಿಂದ ನಡೆಯಿತು.

ಪ್ರಸಾದ ವಿತರಣೆ ಕಾರ್ಯಕ್ರಮದಲ್ಲಿ ನೂರಾರು ಮಾತೆಯರು ಭಾಗವಹಿಸಿದ್ದರು, ಸ್ವಾಮೀಜಿಯವರು ಆಶೀರ್ವಚನ ನೀಡಿದರು.

ಬೆಳ್ತಂಗಡಿ: ದೇಯಿ ಬೈದೆತಿ, ಕೋಟಿ-ಚೆನ್ನಯರ ಮೂಲಸ್ಥಾನ ಗೆಜ್ಜೆಗಿರಿ ನಂದನಬಿತ್ತಿಲ್ ಶ್ರೀ ಕ್ಷೇತ್ರದಲ್ಲಿ ವಾರ್ಷಿಕ ಜಾತ್ರಾ ಮಹೋತ್ಸವ ವೈಭವದಿಂದ ನಡೆಯಿತು.

ಪ್ರಸಾದ ವಿತರಣೆ ಕಾರ್ಯಕ್ರಮದಲ್ಲಿ ನೂರಾರು ಮಾತೆಯರು ಭಾಗವಹಿಸಿದ್ದರು, ಸ್ವಾಮೀಜಿಯವರು ಆಶೀರ್ವಚನ ನೀಡಿದರು.

ಬೆಳ್ಳಿ 11.18ರ ಪ್ರಥಮ ಉತ್ಸವದ ಪೂಜೆಯ ಬಳಿಕ ಪ್ರಸಾದ ವಿತರಿಸಲಾಯಿತು.

ಸಮಾಜ ಪಿಡಿಸ್ಸಬಹುದ ಸ್ಥಾನ

ಪ್ರಸಾದ ವಿತರಣೆ ಕಾರ್ಯಕ್ರಮದಲ್ಲಿ ನೂರಾರು ಮಾತೆಯರು ಭಾಗವಹಿಸಿದ್ದರು, ಸ್ವಾಮೀಜಿಯವರು ಆಶೀರ್ವಚನ ನೀಡಿದರು.

ಬೆಳ್ತಂಗಡಿ: ದೇಯಿ ಬೈದೆತಿ, ಕೋಟಿ-ಚೆನ್ನಯರ ಮೂಲಸ್ಥಾನ ಗೆಜ್ಜೆಗಿರಿ ನಂದನಬಿತ್ತಿಲ್ ಶ್ರೀ ಕ್ಷೇತ್ರದಲ್ಲಿ ವಾರ್ಷಿಕ ಜಾತ್ರಾ ಮಹೋತ್ಸವ ವೈಭವದಿಂದ ನಡೆಯಿತು.

ಪ್ರಸಾದ ವಿತರಣೆ ಕಾರ್ಯಕ್ರಮದಲ್ಲಿ ನೂರಾರು ಮಾತೆಯರು ಭಾಗವಹಿಸಿದ್ದರು, ಸ್ವಾಮೀಜಿಯವರು ಆಶೀರ್ವಚನ ನೀಡಿದರು.

ಬೆಳ್ತಂಗಡಿ: ದೇಯಿ ಬೈದೆತಿ, ಕೋಟಿ-ಚೆನ್ನಯರ ಮೂಲಸ್ಥಾನ ಗೆಜ್ಜೆಗಿರಿ ನಂದನಬಿತ್ತಿಲ್ ಶ್ರೀ ಕ್ಷೇತ್ರದಲ್ಲಿ ವಾರ್ಷಿಕ ಜಾತ್ರಾ ಮಹೋತ್ಸವ ವೈಭವದಿಂದ ನಡೆಯಿತು.

ಪ್ರಸಾದ ವಿತರಣೆ ಕಾರ್ಯಕ್ರಮದಲ್ಲಿ ನೂರಾರು ಮಾತೆಯರು ಭಾಗವಹಿಸಿದ್ದರು, ಸ್ವಾಮೀಜಿಯವರು ಆಶೀರ್ವಚನ ನೀಡಿದರು.

ಬೆಳ್ತಂಗಡಿ: ದೇಯಿ ಬೈದೆತಿ, ಕೋಟಿ-ಚೆನ್ನಯರ ಮೂಲಸ್ಥಾನ ಗೆಜ್ಜೆಗಿರಿ ನಂದನಬಿತ್ತಿಲ್ ಶ್ರೀ ಕ್ಷೇತ್ರದಲ್ಲಿ ವಾರ್ಷಿಕ ಜಾತ್ರಾ ಮಹೋತ್ಸವ ವೈಭವದಿಂದ ನಡೆಯಿತು.

ಪ್ರಸಾದ ವಿತರಣೆ ಕಾರ್ಯಕ್ರಮದಲ್ಲಿ ನೂರಾರು ಮಾತೆಯರು ಭಾಗವಹಿಸಿದ್ದರು, ಸ್ವಾಮೀಜಿಯವರು ಆಶೀರ್ವಚನ ನೀಡಿದರು.

ಬೆಳ್ತಂಗಡಿ: ದೇಯಿ ಬೈದೆತಿ, ಕೋಟಿ-ಚೆನ್ನಯರ ಮೂಲಸ್ಥಾನ ಗೆಜ್ಜೆಗಿರಿ ನಂದನಬಿತ್ತಿಲ್ ಶ್ರೀ ಕ್ಷೇತ್ರದಲ್ಲಿ ವಾರ್ಷಿಕ ಜಾತ್ರಾ ಮಹೋತ್ಸವ ವೈಭವದಿಂದ ನಡೆಯಿತು.

ಆಲ್ಬಂ ಸಾಂಗ್ ಬಿಡುಗಡೆ

ಸತ್ಯಧರ್ಮ ಚಾವಡಿಯಲ್ಲಿ ಜಾತ್ರಾ ಮಹೋತ್ಸವದ ಪ್ರಯುಕ್ತ ಸಿದ್ಧಪಡಿಸಲಾದ ಆಲ್ಬಂ ಸಾಂಗ್ ಬಿಡುಗಡೆಗೊಳಿಸಲಾಯಿತು.

ಪ್ರಸಾದ ವಿತರಣೆ ಕಾರ್ಯಕ್ರಮದಲ್ಲಿ ನೂರಾರು ಮಾತೆಯರು ಭಾಗವಹಿಸಿದ್ದರು, ಸ್ವಾಮೀಜಿಯವರು ಆಶೀರ್ವಚನ ನೀಡಿದರು.

ಬೆಳ್ತಂಗಡಿ: ದೇಯಿ ಬೈದೆತಿ, ಕೋಟಿ-ಚೆನ್ನಯರ ಮೂಲಸ್ಥಾನ ಗೆಜ್ಜೆಗಿರಿ ನಂದನಬಿತ್ತಿಲ್ ಶ್ರೀ ಕ್ಷೇತ್ರದಲ್ಲಿ ವಾರ್ಷಿಕ ಜಾತ್ರಾ ಮಹೋತ್ಸವ ವೈಭವದಿಂದ ನಡೆಯಿತು.

ಇಂದು ಧೂಮಾವತಿ ನೇಮ

ಮಾ.3 ರಂದು ಬೆಳಗ್ಗೆ ವಿವಿಧ ವೈದಿಕ ಕಾರ್ಯಗಳು ನಡೆದು ರಾತ್ರಿ 9.00ಕ್ಕೆ ಧೂಮಾವತಿ ದೈವದ ನೇಮ ನಡೆಯಲಿದೆ.

ಬೆಳ್ತಂಗಡಿ: ದೇಯಿ ಬೈದೆತಿ, ಕೋಟಿ-ಚೆನ್ನಯರ ಮೂಲಸ್ಥಾನ ಗೆಜ್ಜೆಗಿರಿ ನಂದನಬಿತ್ತಿಲ್ ಶ್ರೀ ಕ್ಷೇತ್ರದಲ್ಲಿ ವಾರ್ಷಿಕ ಜಾತ್ರಾ ಮಹೋತ್ಸವ ವೈಭವದಿಂದ ನಡೆಯಿತು.

ಪ್ರಸಾದ ವಿತರಣೆ ಕಾರ್ಯಕ್ರಮದಲ್ಲಿ ನೂರಾರು ಮಾತೆಯರು ಭಾಗವಹಿಸಿದ್ದರು, ಸ್ವಾಮೀಜಿಯವರು ಆಶೀರ್ವಚನ ನೀಡಿದರು.
